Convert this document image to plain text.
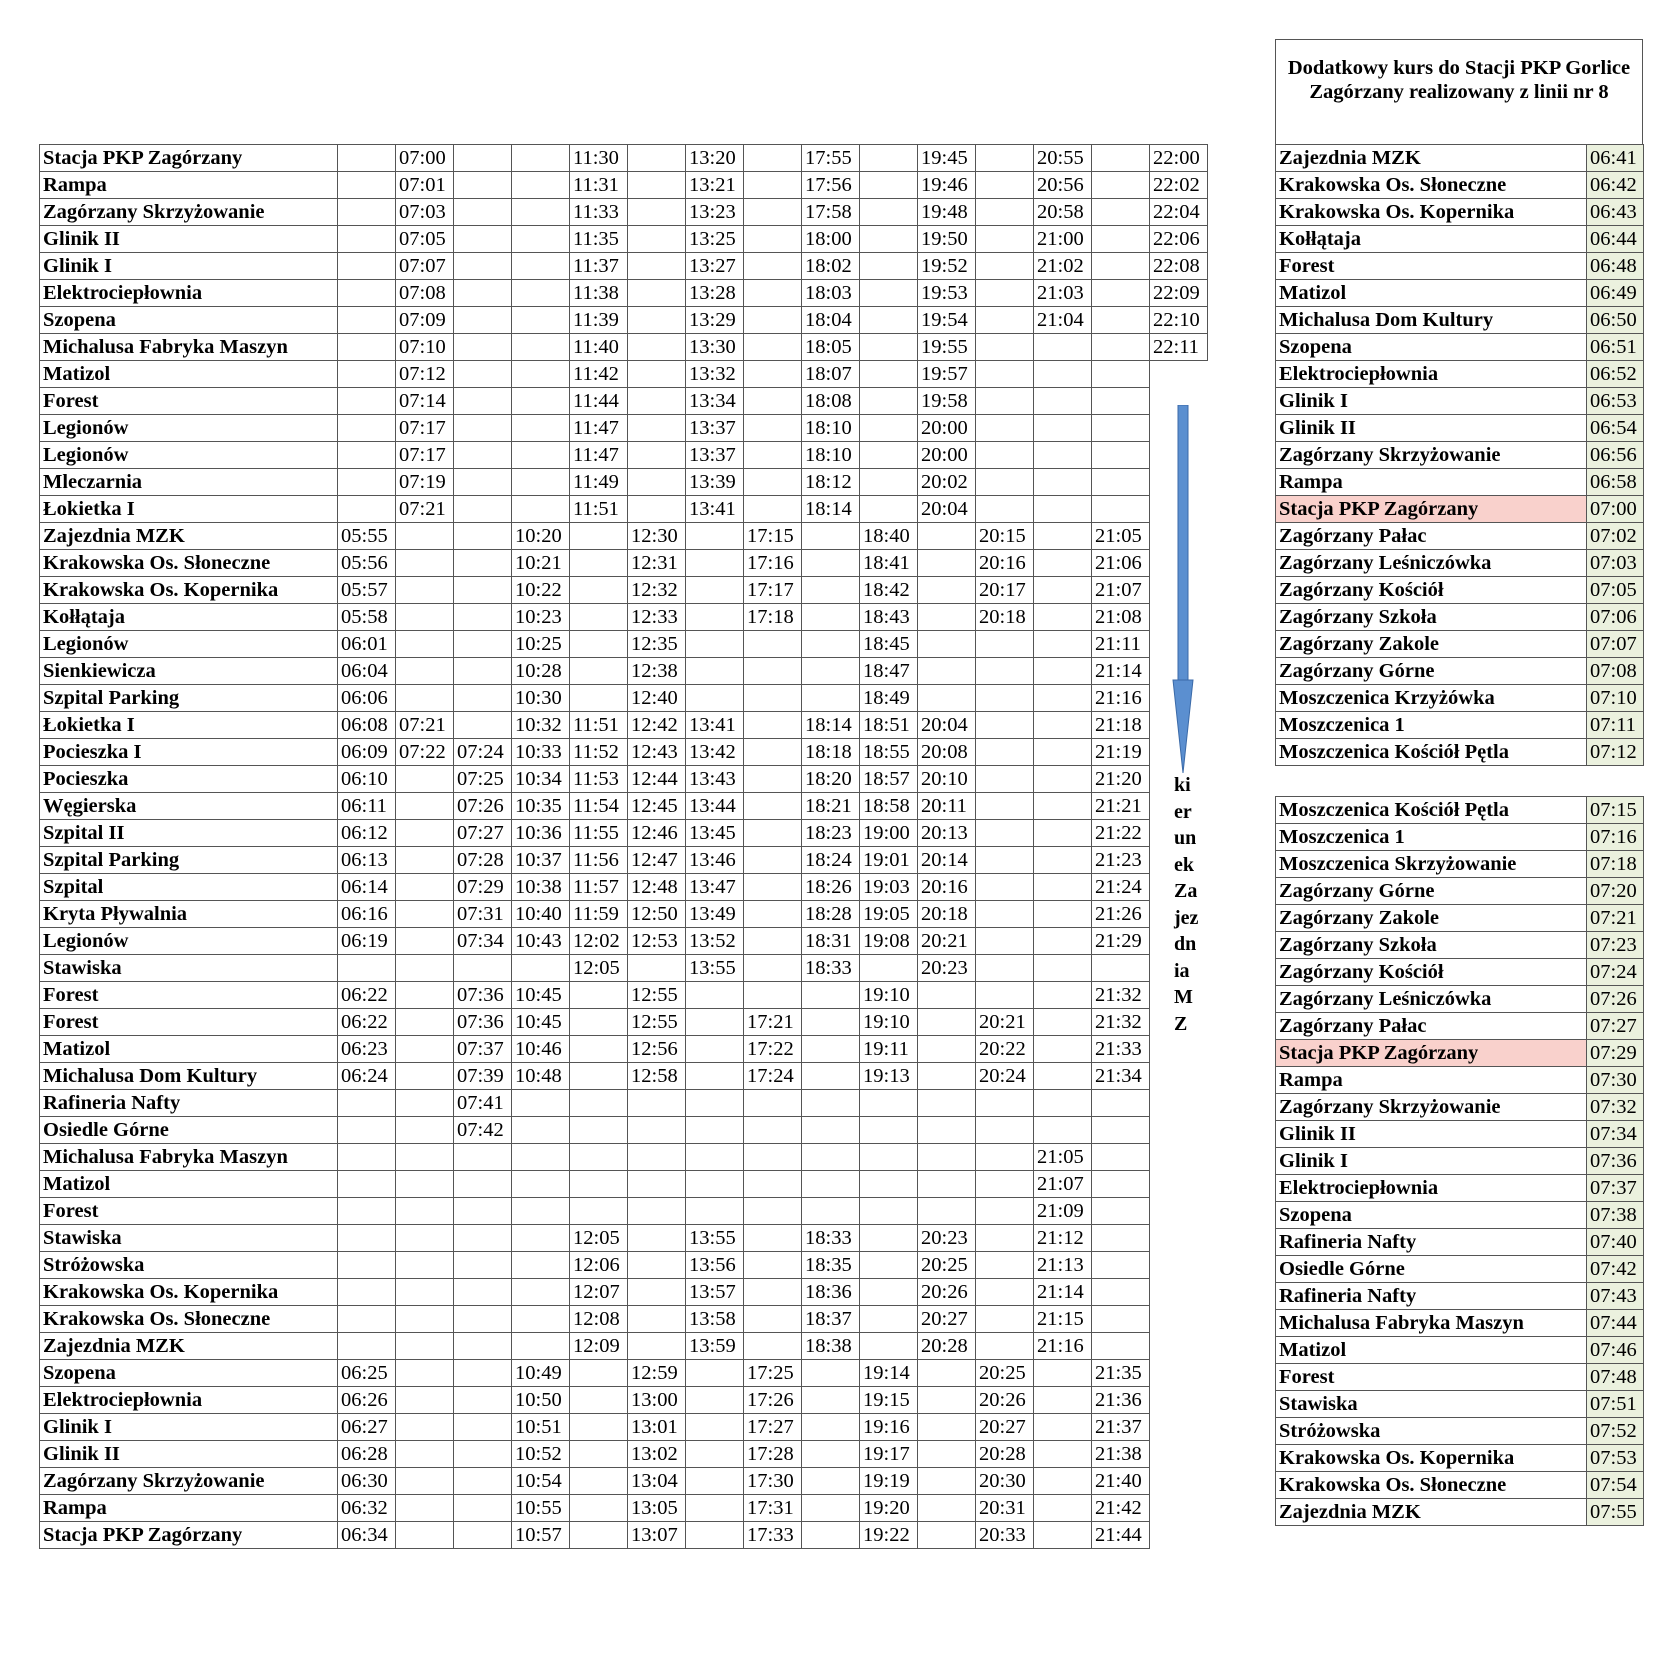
Stacja PKP Zagórzany		07:00			11:30		13:20		17:55		19:45		20:55		22:00
Rampa		07:01			11:31		13:21		17:56		19:46		20:56		22:02
Zagórzany Skrzyżowanie		07:03			11:33		13:23		17:58		19:48		20:58		22:04
Glinik II		07:05			11:35		13:25		18:00		19:50		21:00		22:06
Glinik I		07:07			11:37		13:27		18:02		19:52		21:02		22:08
Elektrociepłownia		07:08			11:38		13:28		18:03		19:53		21:03		22:09
Szopena		07:09			11:39		13:29		18:04		19:54		21:04		22:10
Michalusa Fabryka Maszyn		07:10			11:40		13:30		18:05		19:55				22:11
Matizol		07:12			11:42		13:32		18:07		19:57				
Forest		07:14			11:44		13:34		18:08		19:58				
Legionów		07:17			11:47		13:37		18:10		20:00				
Legionów		07:17			11:47		13:37		18:10		20:00				
Mleczarnia		07:19			11:49		13:39		18:12		20:02				
Łokietka I		07:21			11:51		13:41		18:14		20:04				
Zajezdnia MZK	05:55			10:20		12:30		17:15		18:40		20:15		21:05	
Krakowska Os. Słoneczne	05:56			10:21		12:31		17:16		18:41		20:16		21:06	
Krakowska Os. Kopernika	05:57			10:22		12:32		17:17		18:42		20:17		21:07	
Kołłątaja	05:58			10:23		12:33		17:18		18:43		20:18		21:08	
Legionów	06:01			10:25		12:35				18:45				21:11	
Sienkiewicza	06:04			10:28		12:38				18:47				21:14	
Szpital Parking	06:06			10:30		12:40				18:49				21:16	
Łokietka I	06:08	07:21		10:32	11:51	12:42	13:41		18:14	18:51	20:04			21:18	
Pocieszka I	06:09	07:22	07:24	10:33	11:52	12:43	13:42		18:18	18:55	20:08			21:19	
Pocieszka	06:10		07:25	10:34	11:53	12:44	13:43		18:20	18:57	20:10			21:20	
Węgierska	06:11		07:26	10:35	11:54	12:45	13:44		18:21	18:58	20:11			21:21	
Szpital II	06:12		07:27	10:36	11:55	12:46	13:45		18:23	19:00	20:13			21:22	
Szpital Parking	06:13		07:28	10:37	11:56	12:47	13:46		18:24	19:01	20:14			21:23	
Szpital	06:14		07:29	10:38	11:57	12:48	13:47		18:26	19:03	20:16			21:24	
Kryta Pływalnia	06:16		07:31	10:40	11:59	12:50	13:49		18:28	19:05	20:18			21:26	
Legionów	06:19		07:34	10:43	12:02	12:53	13:52		18:31	19:08	20:21			21:29	
Stawiska					12:05		13:55		18:33		20:23				
Forest	06:22		07:36	10:45		12:55				19:10				21:32	
Forest	06:22		07:36	10:45		12:55		17:21		19:10		20:21		21:32	
Matizol	06:23		07:37	10:46		12:56		17:22		19:11		20:22		21:33	
Michalusa Dom Kultury	06:24		07:39	10:48		12:58		17:24		19:13		20:24		21:34	
Rafineria Nafty			07:41												
Osiedle Górne			07:42												
Michalusa Fabryka Maszyn													21:05		
Matizol													21:07		
Forest													21:09		
Stawiska					12:05		13:55		18:33		20:23		21:12		
Stróżowska					12:06		13:56		18:35		20:25		21:13		
Krakowska Os. Kopernika					12:07		13:57		18:36		20:26		21:14		
Krakowska Os. Słoneczne					12:08		13:58		18:37		20:27		21:15		
Zajezdnia MZK					12:09		13:59		18:38		20:28		21:16		
Szopena	06:25			10:49		12:59		17:25		19:14		20:25		21:35	
Elektrociepłownia	06:26			10:50		13:00		17:26		19:15		20:26		21:36	
Glinik I	06:27			10:51		13:01		17:27		19:16		20:27		21:37	
Glinik II	06:28			10:52		13:02		17:28		19:17		20:28		21:38	
Zagórzany Skrzyżowanie	06:30			10:54		13:04		17:30		19:19		20:30		21:40	
Rampa	06:32			10:55		13:05		17:31		19:20		20:31		21:42	
Stacja PKP Zagórzany	06:34			10:57		13:07		17:33		19:22		20:33		21:44	
ki
er
un
ek
Za
jez
dn
ia
M
Z
Dodatkowy kurs do Stacji PKP Gorlice Zagórzany realizowany z linii nr 8
Zajezdnia MZK	06:41
Krakowska Os. Słoneczne	06:42
Krakowska Os. Kopernika	06:43
Kołłątaja	06:44
Forest	06:48
Matizol	06:49
Michalusa Dom Kultury	06:50
Szopena	06:51
Elektrociepłownia	06:52
Glinik I	06:53
Glinik II	06:54
Zagórzany Skrzyżowanie	06:56
Rampa	06:58
Stacja PKP Zagórzany	07:00
Zagórzany Pałac	07:02
Zagórzany Leśniczówka	07:03
Zagórzany Kościół	07:05
Zagórzany Szkoła	07:06
Zagórzany Zakole	07:07
Zagórzany Górne	07:08
Moszczenica Krzyżówka	07:10
Moszczenica 1	07:11
Moszczenica Kościół Pętla	07:12
Moszczenica Kościół Pętla	07:15
Moszczenica 1	07:16
Moszczenica Skrzyżowanie	07:18
Zagórzany Górne	07:20
Zagórzany Zakole	07:21
Zagórzany Szkoła	07:23
Zagórzany Kościół	07:24
Zagórzany Leśniczówka	07:26
Zagórzany Pałac	07:27
Stacja PKP Zagórzany	07:29
Rampa	07:30
Zagórzany Skrzyżowanie	07:32
Glinik II	07:34
Glinik I	07:36
Elektrociepłownia	07:37
Szopena	07:38
Rafineria Nafty	07:40
Osiedle Górne	07:42
Rafineria Nafty	07:43
Michalusa Fabryka Maszyn	07:44
Matizol	07:46
Forest	07:48
Stawiska	07:51
Stróżowska	07:52
Krakowska Os. Kopernika	07:53
Krakowska Os. Słoneczne	07:54
Zajezdnia MZK	07:55
